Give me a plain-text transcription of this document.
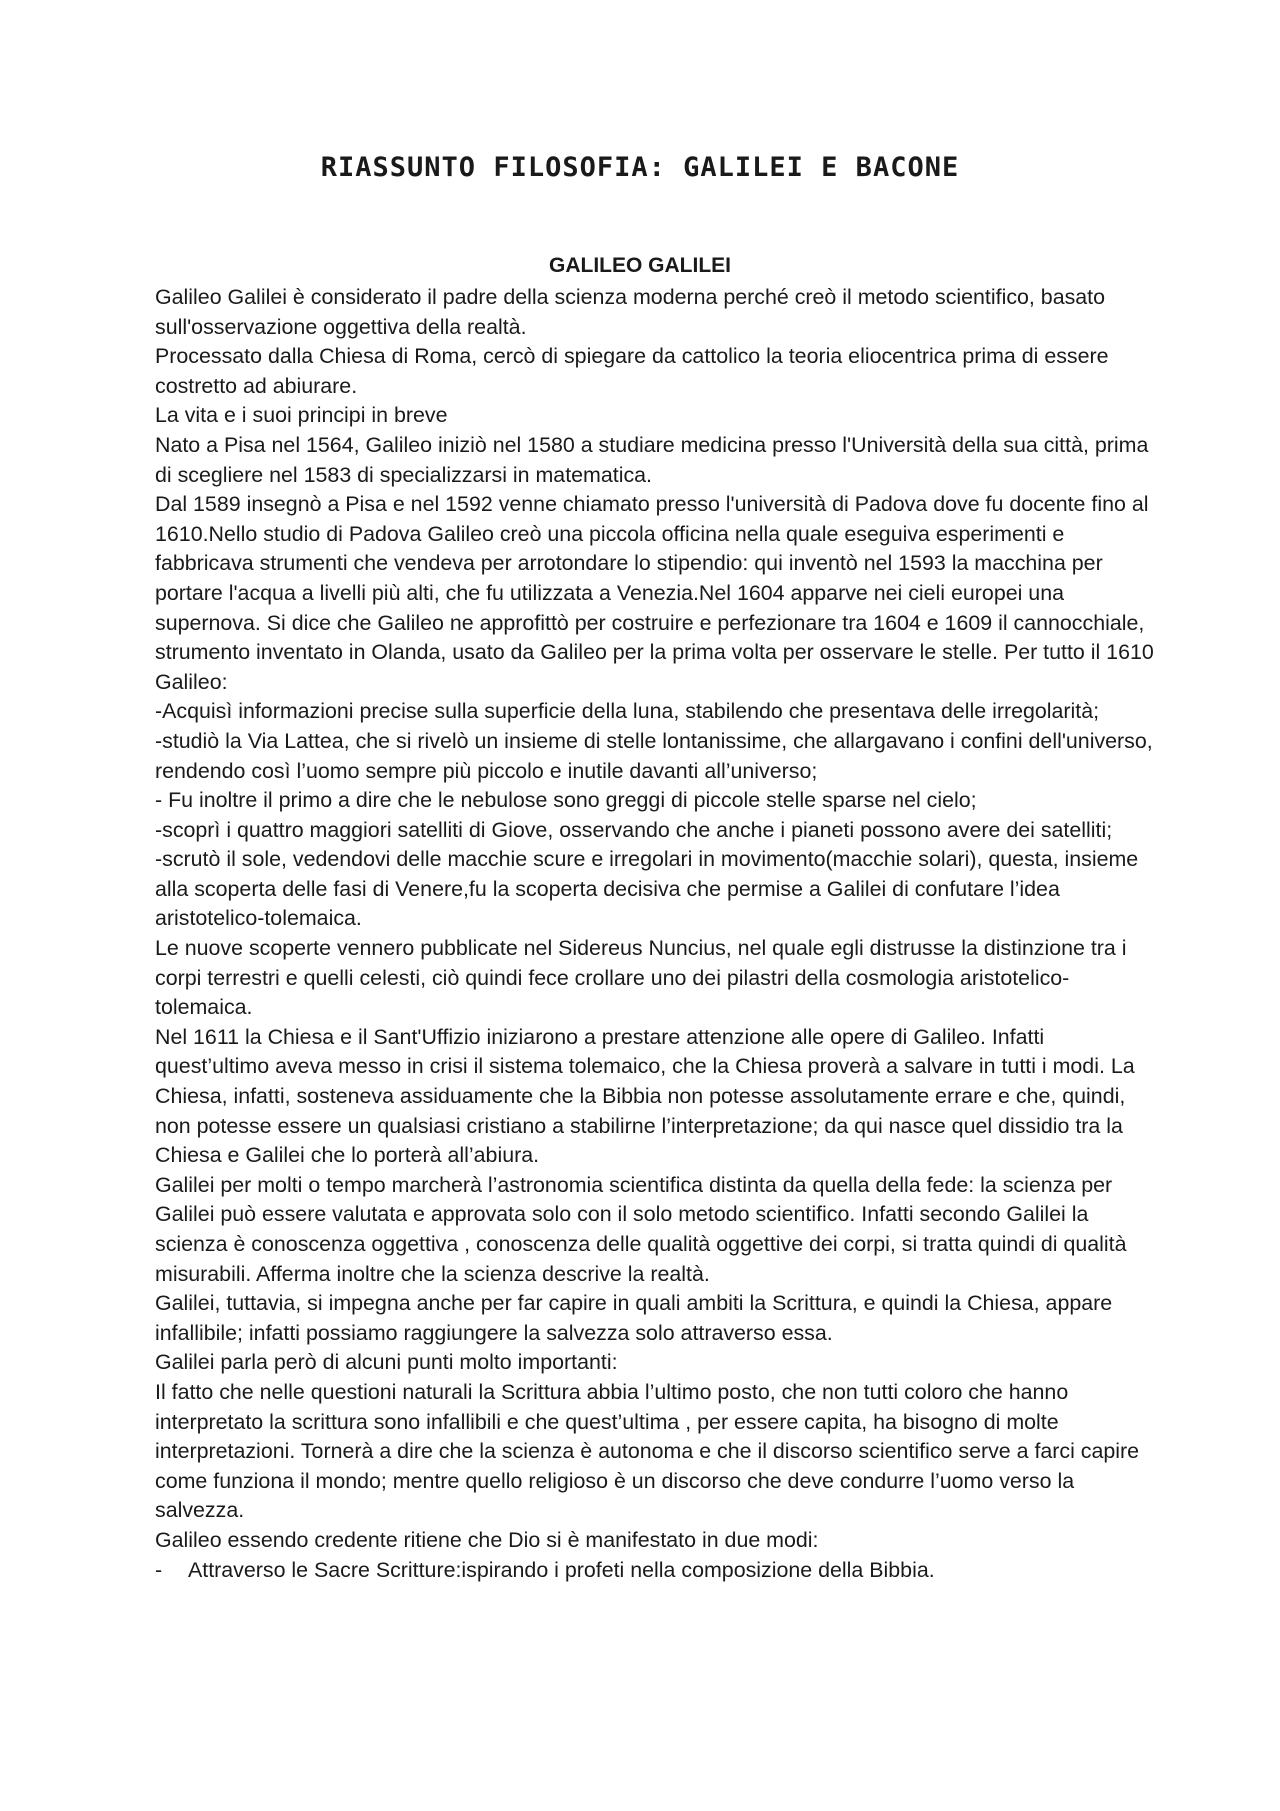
RIASSUNTO FILOSOFIA: GALILEI E BACONE
GALILEO GALILEI

Galileo Galilei è considerato il padre della scienza moderna perché creò il metodo scientifico, basato sull'osservazione oggettiva della realtà.

Processato dalla Chiesa di Roma, cercò di spiegare da cattolico la teoria eliocentrica prima di essere costretto ad abiurare.

La vita e i suoi principi in breve

Nato a Pisa nel 1564, Galileo iniziò nel 1580 a studiare medicina presso l'Università della sua città, prima di scegliere nel 1583 di specializzarsi in matematica.

Dal 1589 insegnò a Pisa e nel 1592 venne chiamato presso l'università di Padova dove fu docente fino al 1610.Nello studio di Padova Galileo creò una piccola officina nella quale eseguiva esperimenti e fabbricava strumenti che vendeva per arrotondare lo stipendio: qui inventò nel 1593 la macchina per portare l'acqua a livelli più alti, che fu utilizzata a Venezia.Nel 1604 apparve nei cieli europei una supernova. Si dice che Galileo ne approfittò per costruire e perfezionare tra 1604 e 1609 il cannocchiale, strumento inventato in Olanda, usato da Galileo per la prima volta per osservare le stelle. Per tutto il 1610 Galileo:

-Acquisì informazioni precise sulla superficie della luna, stabilendo che presentava delle irregolarità;

-studiò la Via Lattea, che si rivelò un insieme di stelle lontanissime, che allargavano i confini dell'universo, rendendo così l’uomo sempre più piccolo e inutile davanti all’universo;

- Fu inoltre il primo a dire che le nebulose sono greggi di piccole stelle sparse nel cielo;

-scoprì i quattro maggiori satelliti di Giove, osservando che anche i pianeti possono avere dei satelliti;

-scrutò il sole, vedendovi delle macchie scure e irregolari in movimento(macchie solari), questa, insieme alla scoperta delle fasi di Venere,fu la scoperta decisiva che permise a Galilei di confutare l’idea aristotelico-tolemaica.

Le nuove scoperte vennero pubblicate nel Sidereus Nuncius, nel quale egli distrusse la distinzione tra i corpi terrestri e quelli celesti, ciò quindi fece crollare uno dei pilastri della cosmologia aristotelico-tolemaica.

Nel 1611 la Chiesa e il Sant'Uffizio iniziarono a prestare attenzione alle opere di Galileo. Infatti quest’ultimo aveva messo in crisi il sistema tolemaico, che la Chiesa proverà a salvare in tutti i modi. La Chiesa, infatti, sosteneva assiduamente che la Bibbia non potesse assolutamente errare e che, quindi, non potesse essere un qualsiasi cristiano a stabilirne l’interpretazione; da qui nasce quel dissidio tra la Chiesa e Galilei che lo porterà all’abiura.

Galilei per molti o tempo marcherà l’astronomia scientifica distinta da quella della fede: la scienza per Galilei può essere valutata e approvata solo con il solo metodo scientifico. Infatti secondo Galilei la scienza è conoscenza oggettiva , conoscenza delle qualità oggettive dei corpi, si tratta quindi di qualità misurabili. Afferma inoltre che la scienza descrive la realtà.

Galilei, tuttavia, si impegna anche per far capire in quali ambiti la Scrittura, e quindi la Chiesa, appare infallibile; infatti possiamo raggiungere la salvezza solo attraverso essa.

Galilei parla però di alcuni punti molto importanti:

Il fatto che nelle questioni naturali la Scrittura abbia l’ultimo posto, che non tutti coloro che hanno interpretato la scrittura sono infallibili e che quest’ultima , per essere capita, ha bisogno di molte interpretazioni. Tornerà a dire che la scienza è autonoma e che il discorso scientifico serve a farci capire come funziona il mondo; mentre quello religioso è un discorso che deve condurre l’uomo verso la salvezza.

Galileo essendo credente ritiene che Dio si è manifestato in due modi:

-	Attraverso le Sacre Scritture:ispirando i profeti nella composizione della Bibbia.
